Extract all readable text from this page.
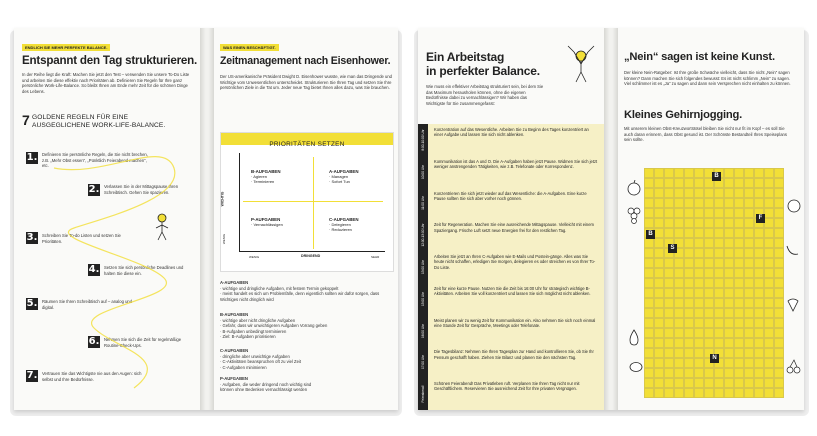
ENDLICH SIE MEHR PERFEKTE BALANCE.
Entspannt den Tag strukturieren.
In der Reihe liegt die Kraft: Machen Sie jetzt den Test – verwenden Sie unsere To-Do Liste und arbeiten Sie diese effektiv nach Prioritäten ab. Definieren Sie Regeln für Ihre ganz persönliche Work-Life-Balance. So bleibt Ihnen am Ende mehr Zeit für die schönen Dinge des Lebens.
7 GOLDENE REGELN FÜR EINE AUSGEGLICHENE WORK-LIFE-BALANCE.
1. Definieren Sie persönliche Regeln, die Sie nicht brechen, z.B. „Mehr Obst essen“, „Pünktlich Feierabend machen“, etc.
2. Verlassen Sie in der Mittagspause Ihren Schreibtisch. Gehen Sie spazieren.
3. Schreiben Sie To-do Listen und setzen Sie Prioritäten.
4. Setzen Sie sich persönliche Deadlines und halten Sie diese ein.
5. Räumen Sie Ihren Schreibtisch auf – analog und digital.
6. Nehmen Sie sich die Zeit für regelmäßige Routine-Check-Ups.
7. Vertrauen Sie das Wichtigste nie aus den Augen: sich selbst und Ihre Bedürfnisse.
WAS EINEN BESCHÄFTIGT.
Zeitmanagement nach Eisenhower.
Der US-amerikanische Präsident Dwight D. Eisenhower wusste, wie man das Dringende und Wichtige vom Unwesentlichen unterscheidet. Strukturieren Sie Ihren Tag und setzen Sie Ihre persönlichen Ziele in die Tat um. Jeder neue Tag bietet Ihnen alles dazu, was Sie brauchen.
PRIORITÄTEN SETZEN
WICHTIG
WENIG
B-AUFGABEN
· Agieren
· Terminieren
A-AUFGABEN
· Managen
· Sofort Tun
P-AUFGABEN
· Vernachlässigen
C-AUFGABEN
· Delegieren
· Reduzieren
WENIG	DRINGEND	SEHR
A-AUFGABEN
· wichtige und dringliche Aufgaben, mit festem Termin gekoppelt
· meist handelt es sich um Problemfälle, denn eigentlich sollten wir dafür sorgen, dass Wichtiges nicht dringlich wird
B-AUFGABEN
· wichtige aber nicht dringliche Aufgaben
· Gefahr, dass wir unwichtigeren Aufgaben Vorrang geben
· B-Aufgaben unbedingt terminieren
· Ziel: B-Aufgaben priorisieren
C-AUFGABEN
· dringliche aber unwichtige Aufgaben
· C-Aktivitäten beanspruchen oft zu viel Zeit
· C-Aufgaben minimieren
P-AUFGABEN
· Aufgaben, die weder dringend noch wichtig sind
können ohne Bedenken vernachlässigt werden
Ein Arbeitstag
in perfekter Balance.
Wie muss ein effektiver Arbeitstag strukturiert sein, bei dem Sie das Maximum herausholen können, ohne die eigenen Bedürfnisse dabei zu vernachlässigen? Wir haben das Wichtigste für Sie zusammengefasst:
8:00-10:00 Uhr Konzentration auf das Wesentliche. Arbeiten Sie zu Beginn des Tages konzentriert an einer Aufgabe und lassen Sie sich nicht ablenken.
10:00 Uhr
Kommunikation ist das A und O. Die A-Aufgaben haben jetzt Pause. Widmen Sie sich jetzt weniger anstrengenden Tätigkeiten, wie z.B. Telefonate oder Korrespondenz.
11:00 Uhr
Konzentrieren Sie sich jetzt wieder auf das Wesentliche: die A-Aufgaben. Eine kurze Pause sollten Sie sich aber vorher noch gönnen.
12:00-13:00 Uhr Zeit für Regeneration. Machen Sie eine ausreichende Mittagspause. Vielleicht mit einem Spaziergang. Frische Luft setzt neue Energien frei für den restlichen Tag.
13:00 Uhr
Arbeiten Sie jetzt an Ihren C-Aufgaben wie E-Mails und Postein-gänge. Alles was Sie heute nicht schaffen, erledigen Sie morgen, delegieren es oder streichen es von Ihrer To-Do Liste.
15:00 Uhr
Zeit für eine kurze Pause. Nutzen Sie die Zeit bis 16:00 Uhr für strategisch wichtige B-Aktivitäten. Arbeiten Sie voll konzentriert und lassen Sie sich möglichst nicht ablenken.
16:00 Uhr
Meist planen wir zu wenig Zeit für Kommunikation ein. Also nehmen Sie sich noch einmal eine Stunde Zeit für Gespräche, Meetings oder Telefonate.
17:00 Uhr
Die Tagesbilanz: Nehmen Sie Ihren Tagesplan zur Hand und kontrollieren Sie, ob Sie Ihr Pensum geschafft haben. Ziehen Sie Bilanz und planen Sie den nächsten Tag.
Feierabend!
Schönen Feierabend! Das Privatleben ruft. Verplanen Sie Ihren Tag nicht nur mit Geschäftlichem. Reservieren Sie ausreichend Zeit für Ihre privaten Vergnügen.
„Nein“ sagen ist keine Kunst.
Der kleine Nein-Ratgeber: Ist Ihre große Schwäche vielleicht, dass Sie nicht „Nein“ sagen können? Dann machen Sie sich folgendes bewusst: Es ist nicht schlimm „Nein“ zu sagen. Viel schlimmer ist es „Ja“ zu sagen und dann sein Versprechen nicht einhalten zu können.
Kleines Gehirnjogging.
Mit unserem kleinen Obst-Kreuzworträtsel bleiben Sie nicht nur fit im Kopf – es soll Sie auch daran erinnern, dass Obst gesund ist. Der Schönste Bestandteil Ihres Speiseplans sein sollte.
B
F
B
S
N
